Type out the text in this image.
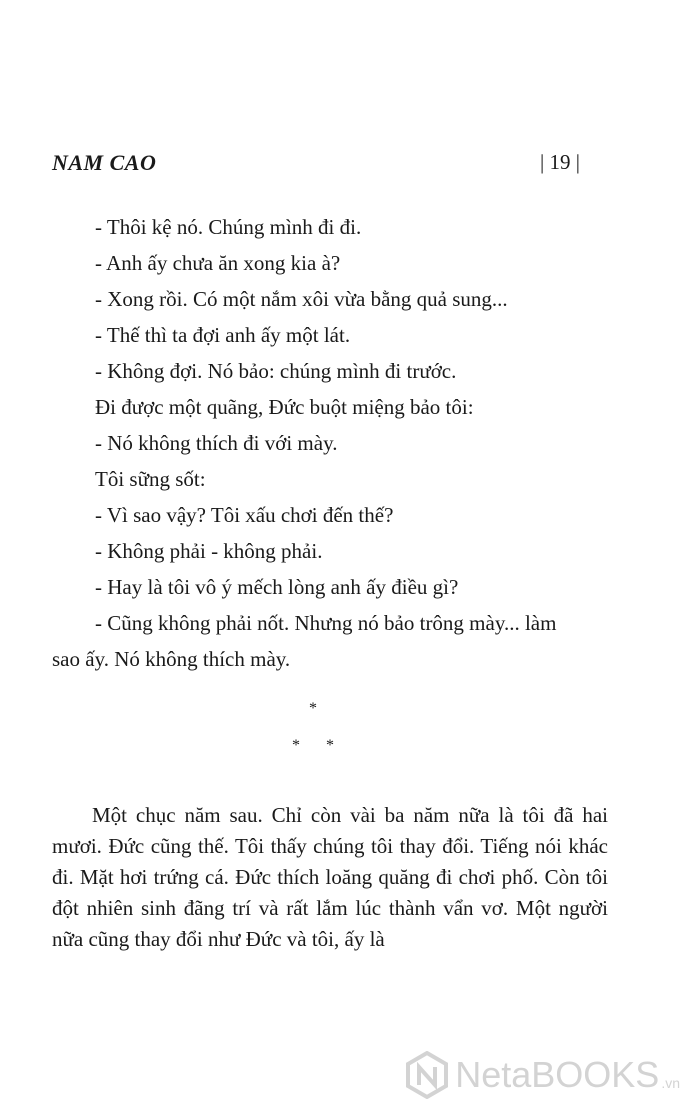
NAM CAO	| 19 |
- Thôi kệ nó. Chúng mình đi đi.
- Anh ấy chưa ăn xong kia à?
- Xong rồi. Có một nắm xôi vừa bằng quả sung...
- Thế thì ta đợi anh ấy một lát.
- Không đợi. Nó bảo: chúng mình đi trước.
Đi được một quãng, Đức buột miệng bảo tôi:
- Nó không thích đi với mày.
Tôi sững sốt:
- Vì sao vậy? Tôi xấu chơi đến thế?
- Không phải - không phải.
- Hay là tôi vô ý mếch lòng anh ấy điều gì?
- Cũng không phải nốt. Nhưng nó bảo trông mày... làm
sao ấy. Nó không thích mày.
*
* *
Một chục năm sau. Chỉ còn vài ba năm nữa là tôi đã hai mươi. Đức cũng thế. Tôi thấy chúng tôi thay đổi. Tiếng nói khác đi. Mặt hơi trứng cá. Đức thích loăng quăng đi chơi phố. Còn tôi đột nhiên sinh đãng trí và rất lắm lúc thành vẩn vơ. Một người nữa cũng thay đổi như Đức và tôi, ấy là
NetaBOOKS .vn
